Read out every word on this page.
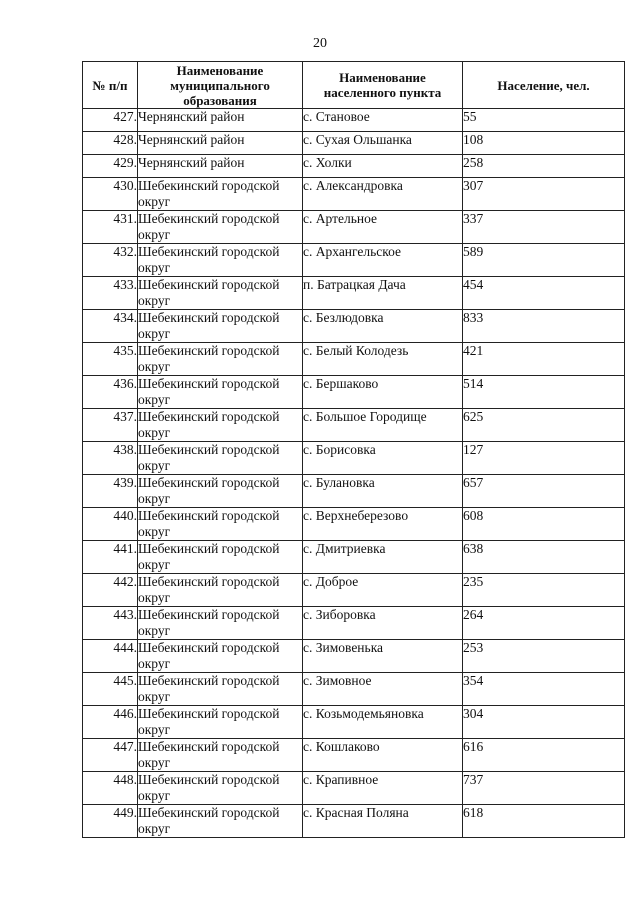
20
№ п/п	Наименование муниципального образования	Наименование населенного пункта	Население, чел.
427.	Чернянский район	с. Становое	55
428.	Чернянский район	с. Сухая Ольшанка	108
429.	Чернянский район	с. Холки	258
430.	Шебекинский городской округ	с. Александровка	307
431.	Шебекинский городской округ	с. Артельное	337
432.	Шебекинский городской округ	с. Архангельское	589
433.	Шебекинский городской округ	п. Батрацкая Дача	454
434.	Шебекинский городской округ	с. Безлюдовка	833
435.	Шебекинский городской округ	с. Белый Колодезь	421
436.	Шебекинский городской округ	с. Бершаково	514
437.	Шебекинский городской округ	с. Большое Городище	625
438.	Шебекинский городской округ	с. Борисовка	127
439.	Шебекинский городской округ	с. Булановка	657
440.	Шебекинский городской округ	с. Верхнеберезово	608
441.	Шебекинский городской округ	с. Дмитриевка	638
442.	Шебекинский городской округ	с. Доброе	235
443.	Шебекинский городской округ	с. Зиборовка	264
444.	Шебекинский городской округ	с. Зимовенька	253
445.	Шебекинский городской округ	с. Зимовное	354
446.	Шебекинский городской округ	с. Козьмодемьяновка	304
447.	Шебекинский городской округ	с. Кошлаково	616
448.	Шебекинский городской округ	с. Крапивное	737
449.	Шебекинский городской округ	с. Красная Поляна	618
